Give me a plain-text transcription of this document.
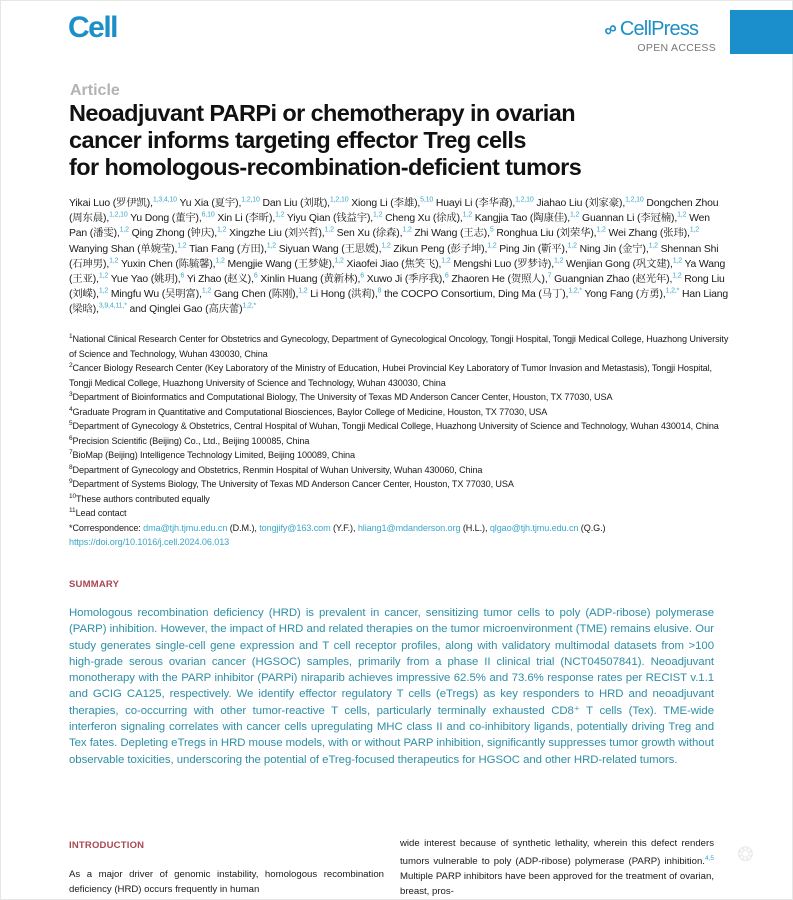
Cell	∞ CellPress
OPEN ACCESS
Article
Neoadjuvant PARPi or chemotherapy in ovarian
cancer informs targeting effector Treg cells
for homologous-recombination-deficient tumors
Yikai Luo (罗伊凯),$^{1,3,4,10}$ Yu Xia (夏宇),$^{1,2,10}$ Dan Liu (刘耽),$^{1,2,10}$ Xiong Li (李雄),$^{5,10}$ Huayi Li (李华裔),$^{1,2,10}$ Jiahao Liu (刘家豪),$^{1,2,10}$ Dongchen Zhou (周东晨),$^{1,2,10}$ Yu Dong (董宇),$^{6,10}$ Xin Li (李昕),$^{1,2}$ Yiyu Qian (钱益宇),$^{1,2}$ Cheng Xu (徐成),$^{1,2}$ Kangjia Tao (陶康佳),$^{1,2}$ Guannan Li (李冠楠),$^{1,2}$ Wen Pan (潘雯),$^{1,2}$ Qing Zhong (钟庆),$^{1,2}$ Xingzhe Liu (刘兴哲),$^{1,2}$ Sen Xu (徐森),$^{1,2}$ Zhi Wang (王志),$^5$ Ronghua Liu (刘荣华),$^{1,2}$ Wei Zhang (张玮),$^{1,2}$ Wanying Shan (单婉莹),$^{1,2}$ Tian Fang (方田),$^{1,2}$ Siyuan Wang (王思媛),$^{1,2}$ Zikun Peng (彭子坤),$^{1,2}$ Ping Jin (靳平),$^{1,2}$ Ning Jin (金宁),$^{1,2}$ Shennan Shi (石珅男),$^{1,2}$ Yuxin Chen (陈毓馨),$^{1,2}$ Mengjie Wang (王梦婕),$^{1,2}$ Xiaofei Jiao (焦笑飞),$^{1,2}$ Mengshi Luo (罗梦诗),$^{1,2}$ Wenjian Gong (巩文建),$^{1,2}$ Ya Wang (王亚),$^{1,2}$ Yue Yao (姚玥),$^6$ Yi Zhao (赵义),$^6$ Xinlin Huang (黄新林),$^6$ Xuwo Ji (季序我),$^6$ Zhaoren He (贺照人),$^7$ Guangnian Zhao (赵光年),$^{1,2}$ Rong Liu (刘嵘),$^{1,2}$ Mingfu Wu (吴明富),$^{1,2}$ Gang Chen (陈刚),$^{1,2}$ Li Hong (洪莉),$^8$ the COCPO Consortium, Ding Ma (马丁),$^{1,2,*}$ Yong Fang (方勇),$^{1,2,*}$ Han Liang (梁晗),$^{3,9,4,11,*}$ and Qinglei Gao (高庆蕾)$^{1,2,*}$
$^1$National Clinical Research Center for Obstetrics and Gynecology, Department of Gynecological Oncology, Tongji Hospital, Tongji Medical College, Huazhong University of Science and Technology, Wuhan 430030, China
$^2$Cancer Biology Research Center (Key Laboratory of the Ministry of Education, Hubei Provincial Key Laboratory of Tumor Invasion and Metastasis), Tongji Hospital, Tongji Medical College, Huazhong University of Science and Technology, Wuhan 430030, China
$^3$Department of Bioinformatics and Computational Biology, The University of Texas MD Anderson Cancer Center, Houston, TX 77030, USA
$^4$Graduate Program in Quantitative and Computational Biosciences, Baylor College of Medicine, Houston, TX 77030, USA
$^5$Department of Gynecology & Obstetrics, Central Hospital of Wuhan, Tongji Medical College, Huazhong University of Science and Technology, Wuhan 430014, China
$^6$Precision Scientific (Beijing) Co., Ltd., Beijing 100085, China
$^7$BioMap (Beijing) Intelligence Technology Limited, Beijing 100089, China
$^8$Department of Gynecology and Obstetrics, Renmin Hospital of Wuhan University, Wuhan 430060, China
$^9$Department of Systems Biology, The University of Texas MD Anderson Cancer Center, Houston, TX 77030, USA
$^{10}$These authors contributed equally
$^{11}$Lead contact
*Correspondence: dma@tjh.tjmu.edu.cn (D.M.), tongjify@163.com (Y.F.), hliang1@mdanderson.org (H.L.), qlgao@tjh.tjmu.edu.cn (Q.G.)
https://doi.org/10.1016/j.cell.2024.06.013
SUMMARY
Homologous recombination deficiency (HRD) is prevalent in cancer, sensitizing tumor cells to poly (ADP-ribose) polymerase (PARP) inhibition. However, the impact of HRD and related therapies on the tumor microenvironment (TME) remains elusive. Our study generates single-cell gene expression and T cell receptor profiles, along with validatory multimodal datasets from >100 high-grade serous ovarian cancer (HGSOC) samples, primarily from a phase II clinical trial (NCT04507841). Neoadjuvant monotherapy with the PARP inhibitor (PARPi) niraparib achieves impressive 62.5% and 73.6% response rates per RECIST v.1.1 and GCIG CA125, respectively. We identify effector regulatory T cells (eTregs) as key responders to HRD and neoadjuvant therapies, co-occurring with other tumor-reactive T cells, particularly terminally exhausted CD8⁺ T cells (Tex). TME-wide interferon signaling correlates with cancer cells upregulating MHC class II and co-inhibitory ligands, potentially driving Treg and Tex fates. Depleting eTregs in HRD mouse models, with or without PARP inhibition, significantly suppresses tumor growth without observable toxicities, underscoring the potential of eTreg-focused therapeutics for HGSOC and other HRD-related tumors.
INTRODUCTION
As a major driver of genomic instability, homologous recombination deficiency (HRD) occurs frequently in human
wide interest because of synthetic lethality, wherein this defect renders tumors vulnerable to poly (ADP-ribose) polymerase (PARP) inhibition.$^{4,5}$ Multiple PARP inhibitors have been approved for the treatment of ovarian, breast, pros-
❂
